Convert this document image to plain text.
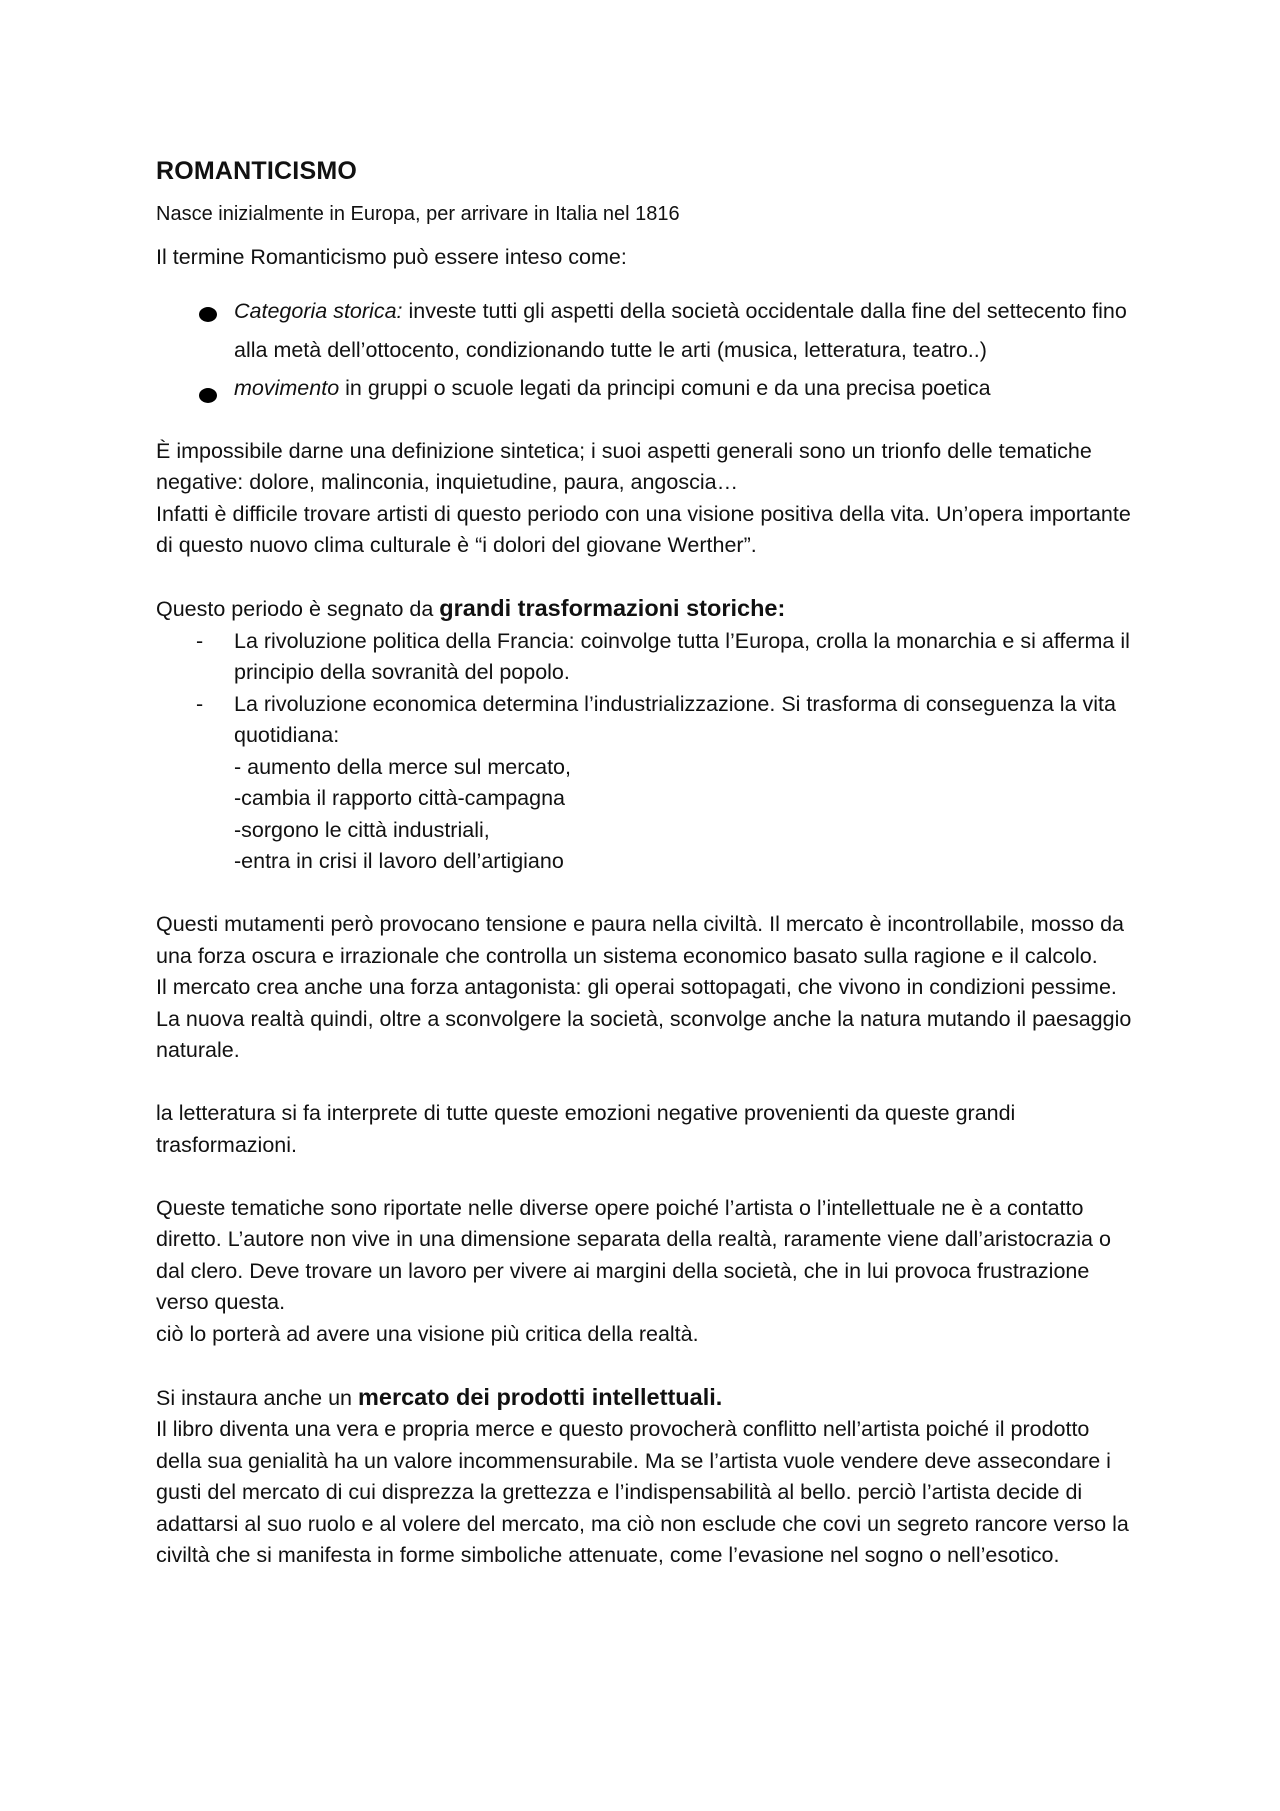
ROMANTICISMO

Nasce inizialmente in Europa, per arrivare in Italia nel 1816

Il termine Romanticismo può essere inteso come:

Categoria storica: investe tutti gli aspetti della società occidentale dalla fine del settecento fino alla metà dell’ottocento, condizionando tutte le arti (musica, letteratura, teatro..)
movimento in gruppi o scuole legati da principi comuni e da una precisa poetica

È impossibile darne una definizione sintetica; i suoi aspetti generali sono un trionfo delle tematiche negative: dolore, malinconia, inquietudine, paura, angoscia…

Infatti è difficile trovare artisti di questo periodo con una visione positiva della vita. Un’opera importante di questo nuovo clima culturale è “i dolori del giovane Werther”.

Questo periodo è segnato da grandi trasformazioni storiche:

- La rivoluzione politica della Francia: coinvolge tutta l’Europa, crolla la monarchia e si afferma il principio della sovranità del popolo.
- La rivoluzione economica determina l’industrializzazione. Si trasforma di conseguenza la vita quotidiana:

- aumento della merce sul mercato,

-cambia il rapporto città-campagna

-sorgono le città industriali,

-entra in crisi il lavoro dell’artigiano

Questi mutamenti però provocano tensione e paura nella civiltà. Il mercato è incontrollabile, mosso da una forza oscura e irrazionale che controlla un sistema economico basato sulla ragione e il calcolo.

Il mercato crea anche una forza antagonista: gli operai sottopagati, che vivono in condizioni pessime.

La nuova realtà quindi, oltre a sconvolgere la società, sconvolge anche la natura mutando il paesaggio naturale.

la letteratura si fa interprete di tutte queste emozioni negative provenienti da queste grandi trasformazioni.

Queste tematiche sono riportate nelle diverse opere poiché l’artista o l’intellettuale ne è a contatto diretto. L’autore non vive in una dimensione separata della realtà, raramente viene dall’aristocrazia o dal clero. Deve trovare un lavoro per vivere ai margini della società, che in lui provoca frustrazione verso questa.

ciò lo porterà ad avere una visione più critica della realtà.

Si instaura anche un mercato dei prodotti intellettuali.

Il libro diventa una vera e propria merce e questo provocherà conflitto nell’artista poiché il prodotto della sua genialità ha un valore incommensurabile. Ma se l’artista vuole vendere deve assecondare i gusti del mercato di cui disprezza la grettezza e l’indispensabilità al bello. perciò l’artista decide di adattarsi al suo ruolo e al volere del mercato, ma ciò non esclude che covi un segreto rancore verso la civiltà che si manifesta in forme simboliche attenuate, come l’evasione nel sogno o nell’esotico.
